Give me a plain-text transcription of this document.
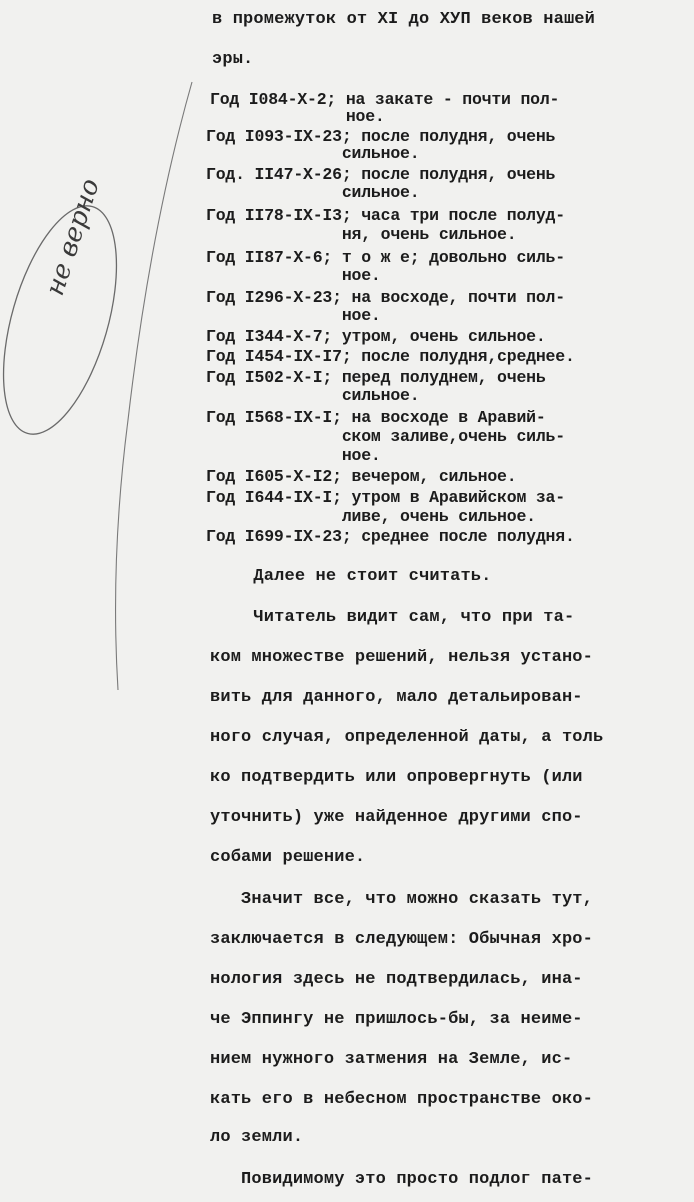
не верно
в промежуток от XI до ХУП веков нашей
эры.
Год I084-X-2; на закате - почти пол-
ное.
Год I093-IX-23; после полудня, очень
сильное.
Год. II47-X-26; после полудня, очень
сильное.
Год II78-IX-I3; часа три после полуд-
ня, очень сильное.
Год II87-X-6; т о ж е; довольно силь-
ное.
Год I296-X-23; на восходе, почти пол-
ное.
Год I344-X-7; утром, очень сильное.
Год I454-IX-I7; после полудня,среднее.
Год I502-X-I; перед полуднем, очень
сильное.
Год I568-IX-I; на восходе в Аравий-
ском заливе,очень силь-
ное.
Год I605-X-I2; вечером, сильное.
Год I644-IX-I; утром в Аравийском за-
ливе, очень сильное.
Год I699-IX-23; среднее после полудня.
Далее не стоит считать.
Читатель видит сам, что при та-
ком множестве решений, нельзя устано-
вить для данного, мало детальирован-
ного случая, определенной даты, а толь
ко подтвердить или опровергнуть (или
уточнить) уже найденное другими спо-
собами решение.
Значит все, что можно сказать тут,
заключается в следующем: Обычная хро-
нология здесь не подтвердилась, ина-
че Эппингу не пришлось-бы, за неиме-
нием нужного затмения на Земле, ис-
кать его в небесном пространстве око-
ло земли.
Повидимому это просто подлог пате-
